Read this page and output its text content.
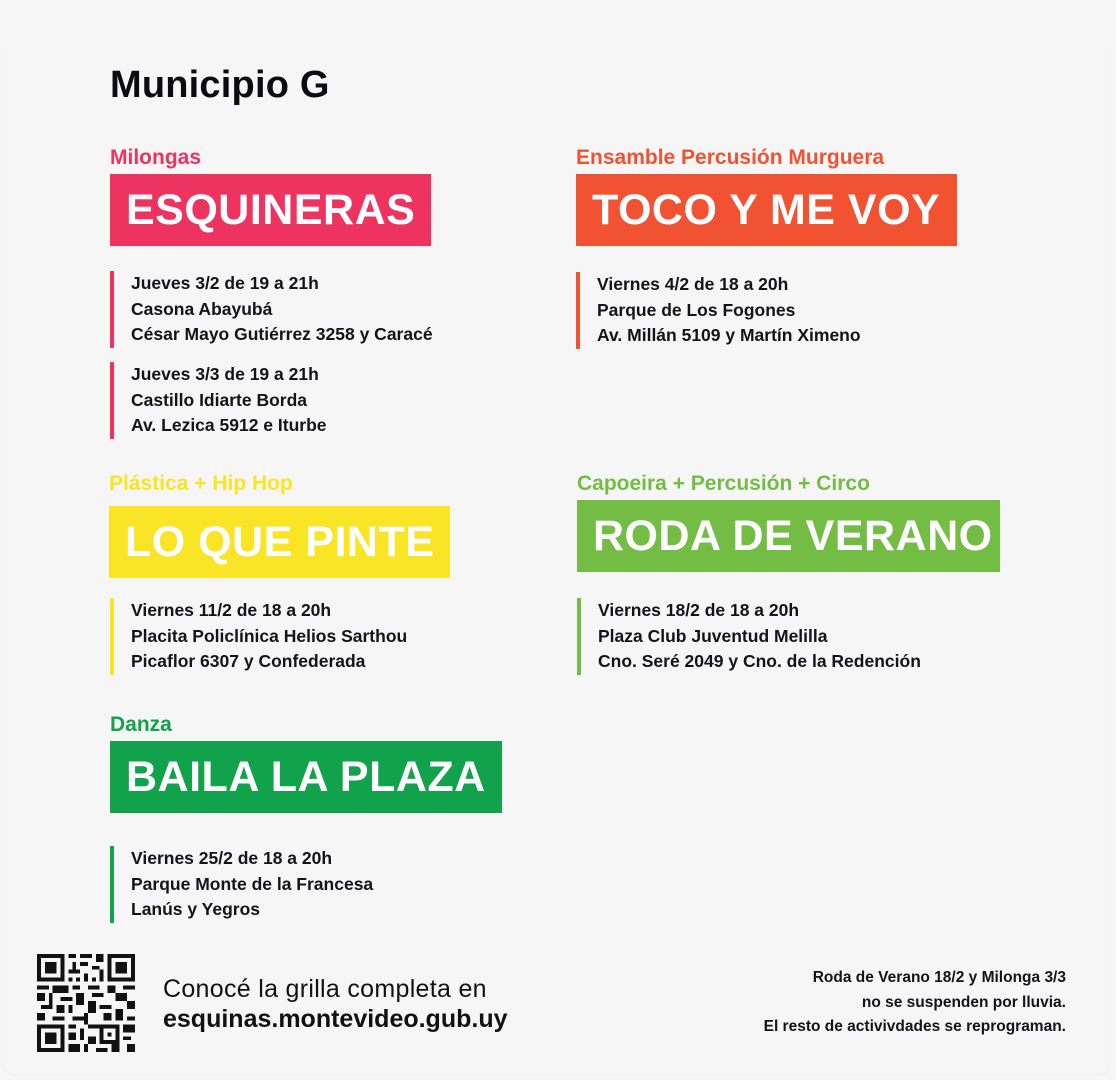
Municipio G
Milongas
ESQUINERAS
Jueves 3/2 de 19 a 21h
Casona Abayubá
César Mayo Gutiérrez 3258 y Caracé
Jueves 3/3 de 19 a 21h
Castillo Idiarte Borda
Av. Lezica 5912 e Iturbe
Ensamble Percusión Murguera
TOCO Y ME VOY
Viernes 4/2 de 18 a 20h
Parque de Los Fogones
Av. Millán 5109 y Martín Ximeno
Plástica + Hip Hop
LO QUE PINTE
Viernes 11/2 de 18 a 20h
Placita Policlínica Helios Sarthou
Picaflor 6307 y Confederada
Capoeira + Percusión + Circo
RODA DE VERANO
Viernes 18/2 de 18 a 20h
Plaza Club Juventud Melilla
Cno. Seré 2049 y Cno. de la Redención
Danza
BAILA LA PLAZA
Viernes 25/2 de 18 a 20h
Parque Monte de la Francesa
Lanús y Yegros
Conocé la grilla completa en
esquinas.montevideo.gub.uy
Roda de Verano 18/2 y Milonga 3/3
no se suspenden por lluvia.
El resto de activivdades se reprograman.
